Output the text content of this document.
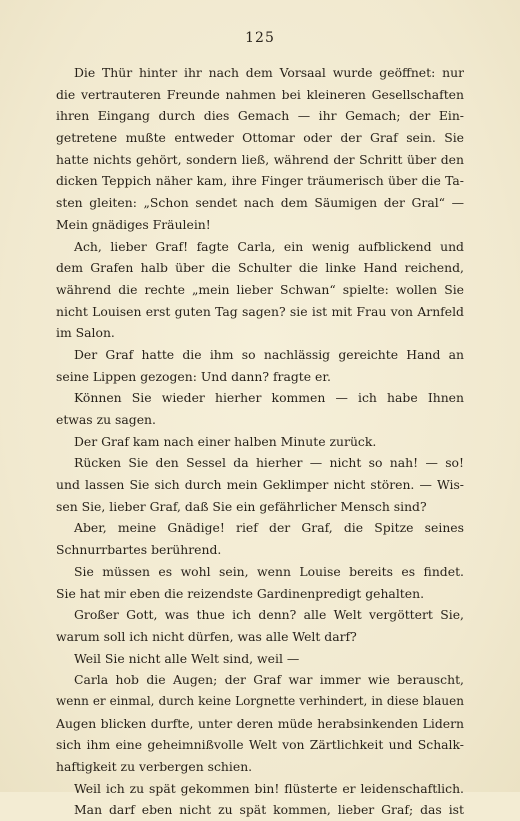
125
Die Thür hinter ihr nach dem Vorsaal wurde geöffnet: nur
die vertrauteren Freunde nahmen bei kleineren Gesellschaften
ihren Eingang durch dies Gemach — ihr Gemach; der Ein-
getretene mußte entweder Ottomar oder der Graf sein. Sie
hatte nichts gehört, sondern ließ, während der Schritt über den
dicken Teppich näher kam, ihre Finger träumerisch über die Ta-
sten gleiten: „Schon sendet nach dem Säumigen der Gral“ —
Mein gnädiges Fräulein!
Ach, lieber Graf! fagte Carla, ein wenig aufblickend und
dem Grafen halb über die Schulter die linke Hand reichend,
während die rechte „mein lieber Schwan“ spielte: wollen Sie
nicht Louisen erst guten Tag sagen? sie ist mit Frau von Arnfeld
im Salon.
Der Graf hatte die ihm so nachlässig gereichte Hand an
seine Lippen gezogen: Und dann? fragte er.
Können Sie wieder hierher kommen — ich habe Ihnen
etwas zu sagen.
Der Graf kam nach einer halben Minute zurück.
Rücken Sie den Sessel da hierher — nicht so nah! — so!
und lassen Sie sich durch mein Geklimper nicht stören. — Wis-
sen Sie, lieber Graf, daß Sie ein gefährlicher Mensch sind?
Aber, meine Gnädige! rief der Graf, die Spitze seines
Schnurrbartes berührend.
Sie müssen es wohl sein, wenn Louise bereits es findet.
Sie hat mir eben die reizendste Gardinenpredigt gehalten.
Großer Gott, was thue ich denn? alle Welt vergöttert Sie,
warum soll ich nicht dürfen, was alle Welt darf?
Weil Sie nicht alle Welt sind, weil —
Carla hob die Augen; der Graf war immer wie berauscht,
wenn er einmal, durch keine Lorgnette verhindert, in diese blauen
Augen blicken durfte, unter deren müde herabsinkenden Lidern
sich ihm eine geheimnißvolle Welt von Zärtlichkeit und Schalk-
haftigkeit zu verbergen schien.
Weil ich zu spät gekommen bin! flüsterte er leidenschaftlich.
Man darf eben nicht zu spät kommen, lieber Graf; das ist
